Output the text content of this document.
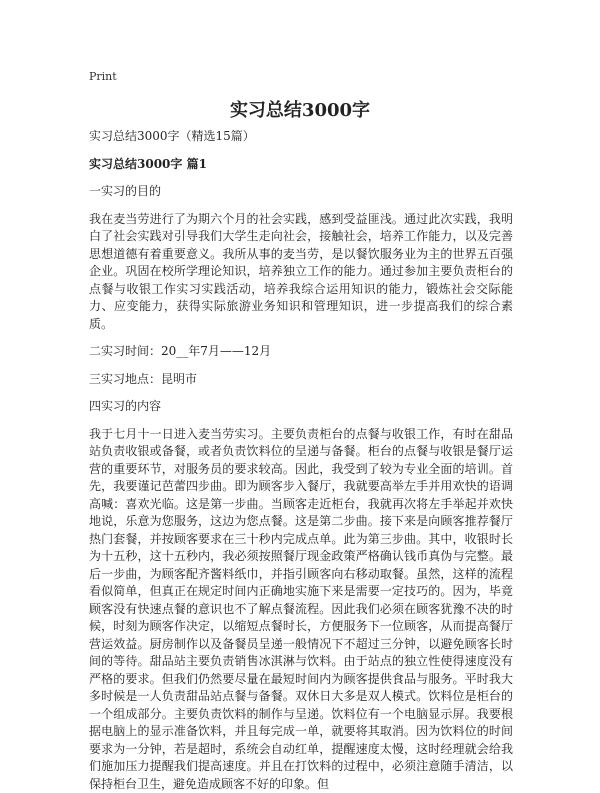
Print
实习总结3000字

实习总结3000字（精选15篇）

实习总结3000字 篇1

一实习的目的

我在麦当劳进行了为期六个月的社会实践，感到受益匪浅。通过此次实践，我明白了社会实践对引导我们大学生走向社会，接触社会，培养工作能力，以及完善思想道德有着重要意义。我所从事的麦当劳，是以餐饮服务业为主的世界五百强企业。巩固在校所学理论知识，培养独立工作的能力。通过参加主要负责柜台的点餐与收银工作实习实践活动，培养我综合运用知识的能力，锻炼社会交际能力、应变能力，获得实际旅游业务知识和管理知识，进一步提高我们的综合素质。

二实习时间：20__年7月——12月

三实习地点：昆明市

四实习的内容

我于七月十一日进入麦当劳实习。主要负责柜台的点餐与收银工作，有时在甜品站负责收银或备餐，或者负责饮料位的呈递与备餐。柜台的点餐与收银是餐厅运营的重要环节，对服务员的要求较高。因此，我受到了较为专业全面的培训。首先，我要谨记芭蕾四步曲。即为顾客步入餐厅，我就要高举左手并用欢快的语调高喊：喜欢光临。这是第一步曲。当顾客走近柜台，我就再次将左手举起并欢快地说，乐意为您服务，这边为您点餐。这是第二步曲。接下来是向顾客推荐餐厅热门套餐，并按顾客要求在三十秒内完成点单。此为第三步曲。其中，收银时长为十五秒，这十五秒内，我必须按照餐厅现金政策严格确认钱币真伪与完整。最后一步曲，为顾客配齐酱料纸巾，并指引顾客向右移动取餐。虽然，这样的流程看似简单，但真正在规定时间内正确地实施下来是需要一定技巧的。因为，毕竟顾客没有快速点餐的意识也不了解点餐流程。因此我们必须在顾客犹豫不决的时候，时刻为顾客作决定，以缩短点餐时长，方便服务下一位顾客，从而提高餐厅营运效益。厨房制作以及备餐员呈递一般情况下不超过三分钟，以避免顾客长时间的等待。甜品站主要负责销售冰淇淋与饮料。由于站点的独立性使得速度没有严格的要求。但我们仍然要尽量在最短时间内为顾客提供食品与服务。平时我大多时候是一人负责甜品站点餐与备餐。双休日大多是双人模式。饮料位是柜台的一个组成部分。主要负责饮料的制作与呈递。饮料位有一个电脑显示屏。我要根据电脑上的显示准备饮料，并且每完成一单，就要将其取消。因为饮料位的时间要求为一分钟，若是超时，系统会自动红单，提醒速度太慢，这时经理就会给我们施加压力提醒我们提高速度。并且在打饮料的过程中，必须注意随手清洁，以保持柜台卫生，避免造成顾客不好的印象。但
